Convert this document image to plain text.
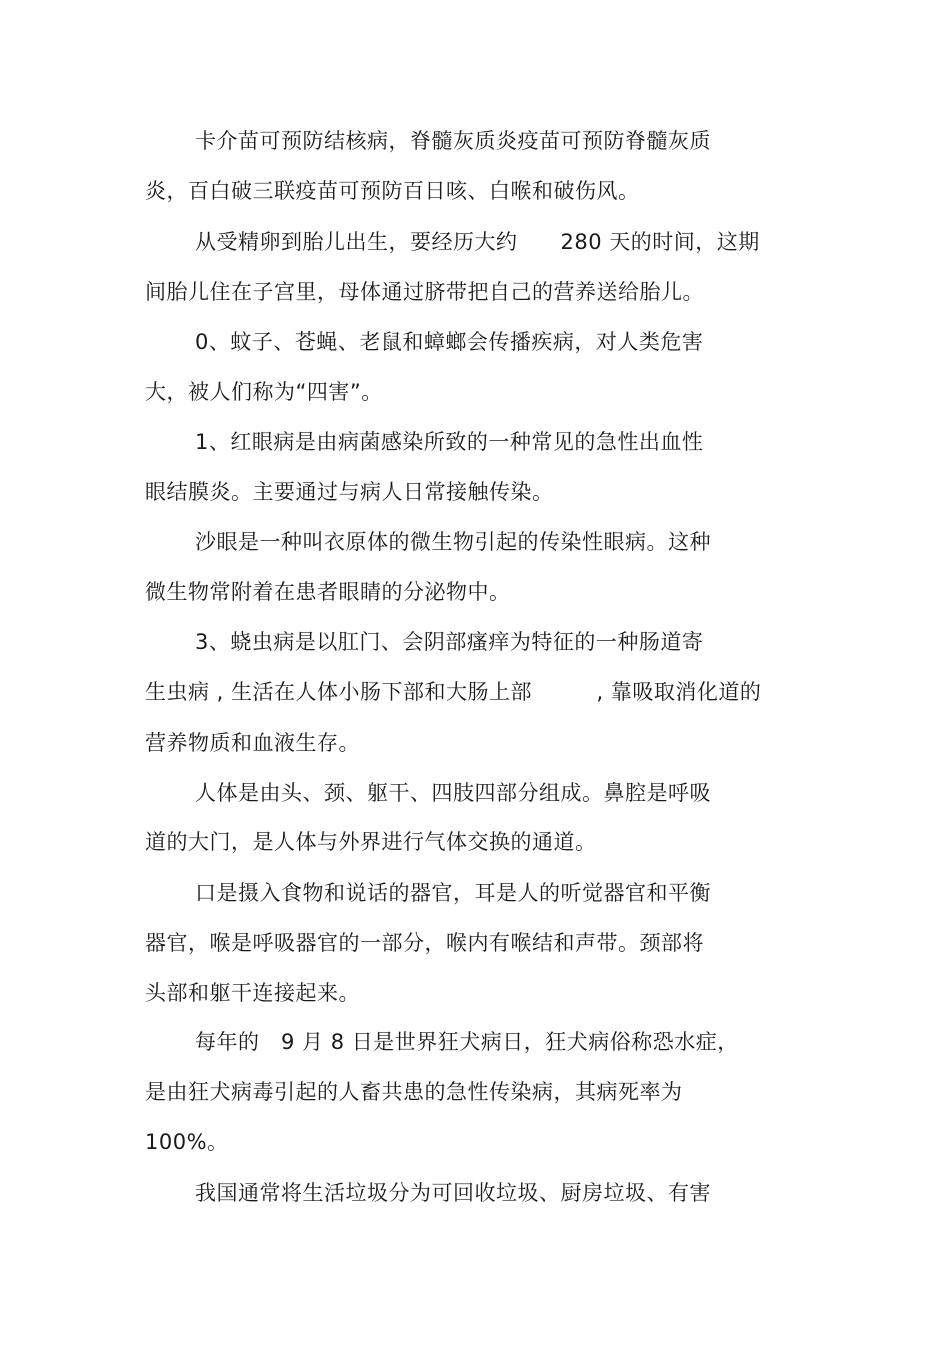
卡介苗可预防结核病，脊髓灰质炎疫苗可预防脊髓灰质
炎，百白破三联疫苗可预防百日咳、白喉和破伤风。
从受精卵到胎儿出生，要经历大约　　280 天的时间，这期
间胎儿住在子宫里，母体通过脐带把自己的营养送给胎儿。
0、蚊子、苍蝇、老鼠和蟑螂会传播疾病，对人类危害
大，被人们称为“四害”。
1、红眼病是由病菌感染所致的一种常见的急性出血性
眼结膜炎。主要通过与病人日常接触传染。
沙眼是一种叫衣原体的微生物引起的传染性眼病。这种
微生物常附着在患者眼睛的分泌物中。
3、蛲虫病是以肛门、会阴部瘙痒为特征的一种肠道寄
生虫病 , 生活在人体小肠下部和大肠上部　　　, 靠吸取消化道的
营养物质和血液生存。
人体是由头、颈、躯干、四肢四部分组成。鼻腔是呼吸
道的大门，是人体与外界进行气体交换的通道。
口是摄入食物和说话的器官，耳是人的听觉器官和平衡
器官，喉是呼吸器官的一部分，喉内有喉结和声带。颈部将
头部和躯干连接起来。
每年的　9 月 8 日是世界狂犬病日，狂犬病俗称恐水症，
是由狂犬病毒引起的人畜共患的急性传染病，其病死率为
100%。
我国通常将生活垃圾分为可回收垃圾、厨房垃圾、有害
